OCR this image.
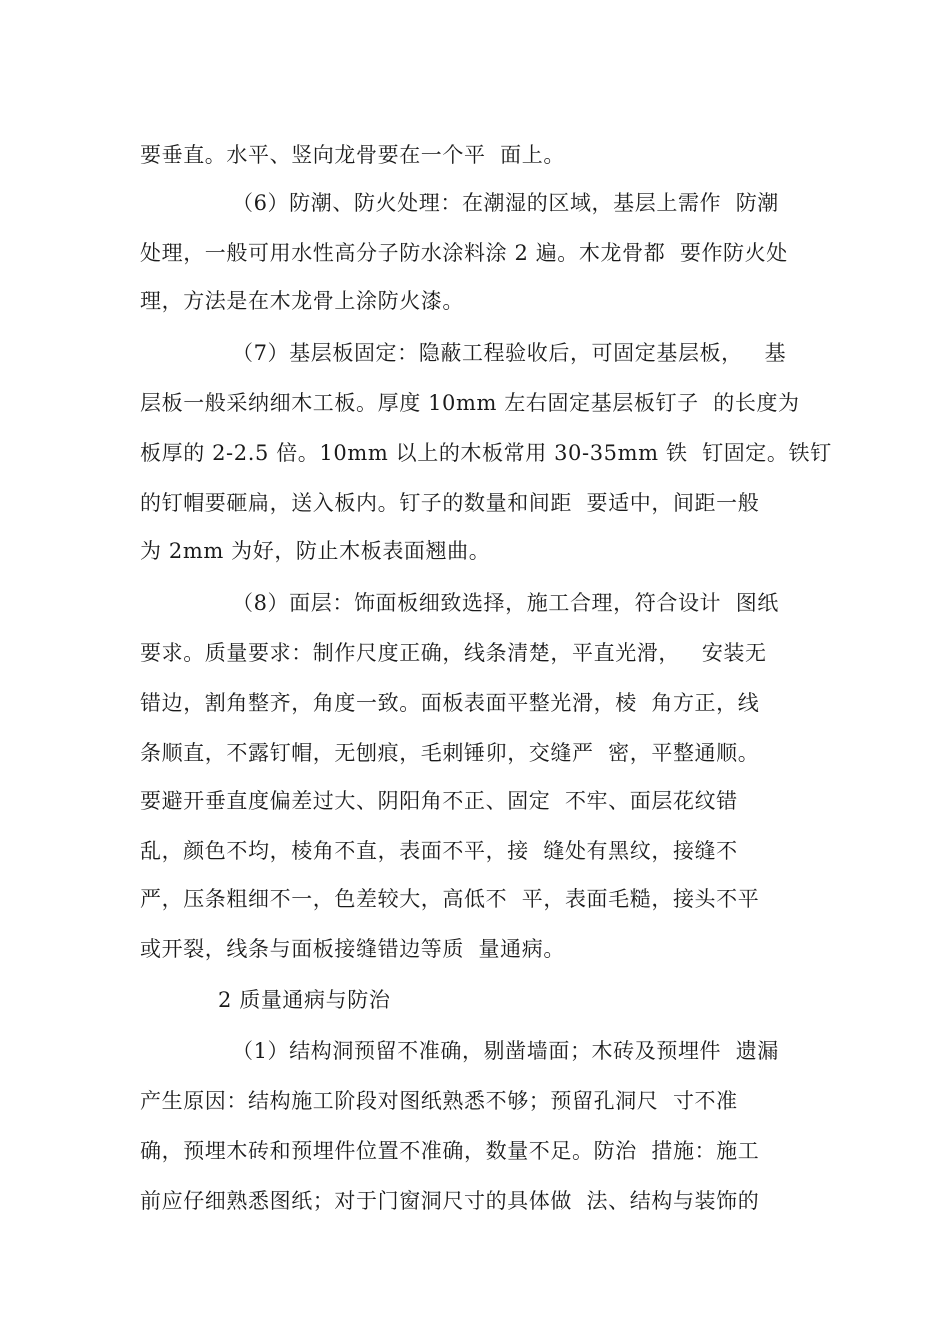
要垂直。水平、竖向龙骨要在一个平  面上。
（6）防潮、防火处理：在潮湿的区域，基层上需作  防潮
处理，一般可用水性高分子防水涂料涂 2 遍。木龙骨都  要作防火处
理，方法是在木龙骨上涂防火漆。
（7）基层板固定：隐蔽工程验收后，可固定基层板，   基
层板一般采纳细木工板。厚度 10mm 左右固定基层板钉子  的长度为
板厚的 2-2.5 倍。10mm 以上的木板常用 30-35mm 铁  钉固定。铁钉
的钉帽要砸扁，送入板内。钉子的数量和间距  要适中，间距一般
为 2mm 为好，防止木板表面翘曲。
（8）面层：饰面板细致选择，施工合理，符合设计  图纸
要求。质量要求：制作尺度正确，线条清楚，平直光滑，   安装无
错边，割角整齐，角度一致。面板表面平整光滑，棱  角方正，线
条顺直，不露钉帽，无刨痕，毛刺锤卯，交缝严  密，平整通顺。
要避开垂直度偏差过大、阴阳角不正、固定  不牢、面层花纹错
乱，颜色不均，棱角不直，表面不平，接  缝处有黑纹，接缝不
严，压条粗细不一，色差较大，高低不  平，表面毛糙，接头不平
或开裂，线条与面板接缝错边等质  量通病。
2 质量通病与防治
（1）结构洞预留不准确，剔凿墙面；木砖及预埋件  遗漏
产生原因：结构施工阶段对图纸熟悉不够；预留孔洞尺  寸不准
确，预埋木砖和预埋件位置不准确，数量不足。防治  措施：施工
前应仔细熟悉图纸；对于门窗洞尺寸的具体做  法、结构与装饰的
